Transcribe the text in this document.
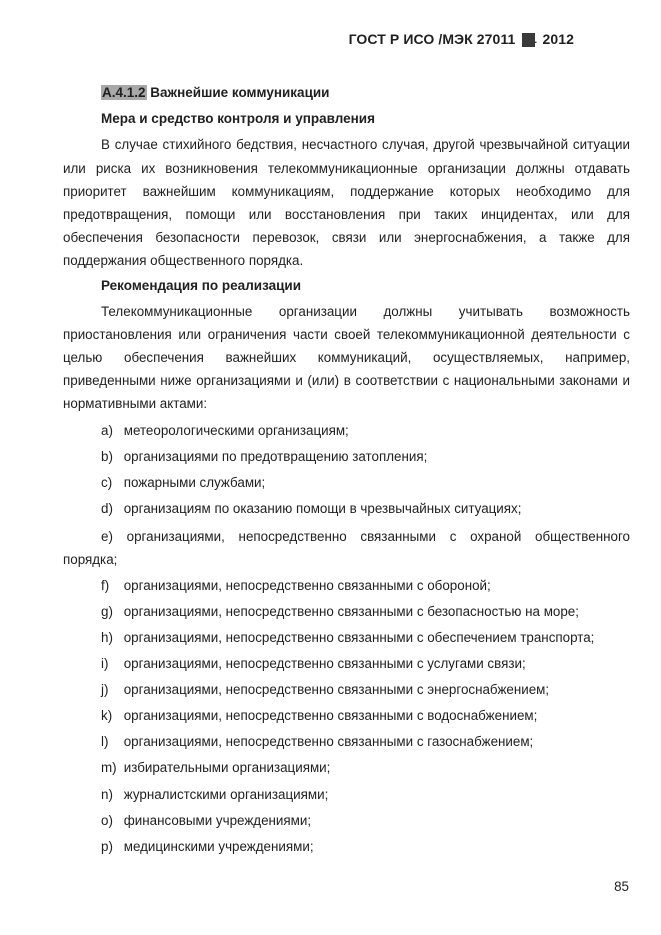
ГОСТ Р ИСО /МЭК 27011 — 2012
A.4.1.2 Важнейшие коммуникации
Мера и средство контроля и управления
В случае стихийного бедствия, несчастного случая, другой чрезвычайной ситуации
или риска их возникновения телекоммуникационные организации должны отдавать
приоритет важнейшим коммуникациям, поддержание которых необходимо для
предотвращения, помощи или восстановления при таких инцидентах, или для
обеспечения безопасности перевозок, связи или энергоснабжения, а также для
поддержания общественного порядка.
Рекомендация по реализации
Телекоммуникационные организации должны учитывать возможность
приостановления или ограничения части своей телекоммуникационной деятельности с
целью обеспечения важнейших коммуникаций, осуществляемых, например,
приведенными ниже организациями и (или) в соответствии с национальными законами и
нормативными актами:
a) метеорологическими организациям;
b) организациями по предотвращению затопления;
c) пожарными службами;
d) организациям по оказанию помощи в чрезвычайных ситуациях;
e) организациями, непосредственно связанными с охраной общественного
порядка;
f) организациями, непосредственно связанными с обороной;
g) организациями, непосредственно связанными с безопасностью на море;
h) организациями, непосредственно связанными с обеспечением транспорта;
i) организациями, непосредственно связанными с услугами связи;
j) организациями, непосредственно связанными с энергоснабжением;
k) организациями, непосредственно связанными с водоснабжением;
l) организациями, непосредственно связанными с газоснабжением;
m) избирательными организациями;
n) журналистскими организациями;
o) финансовыми учреждениями;
p) медицинскими учреждениями;
85
